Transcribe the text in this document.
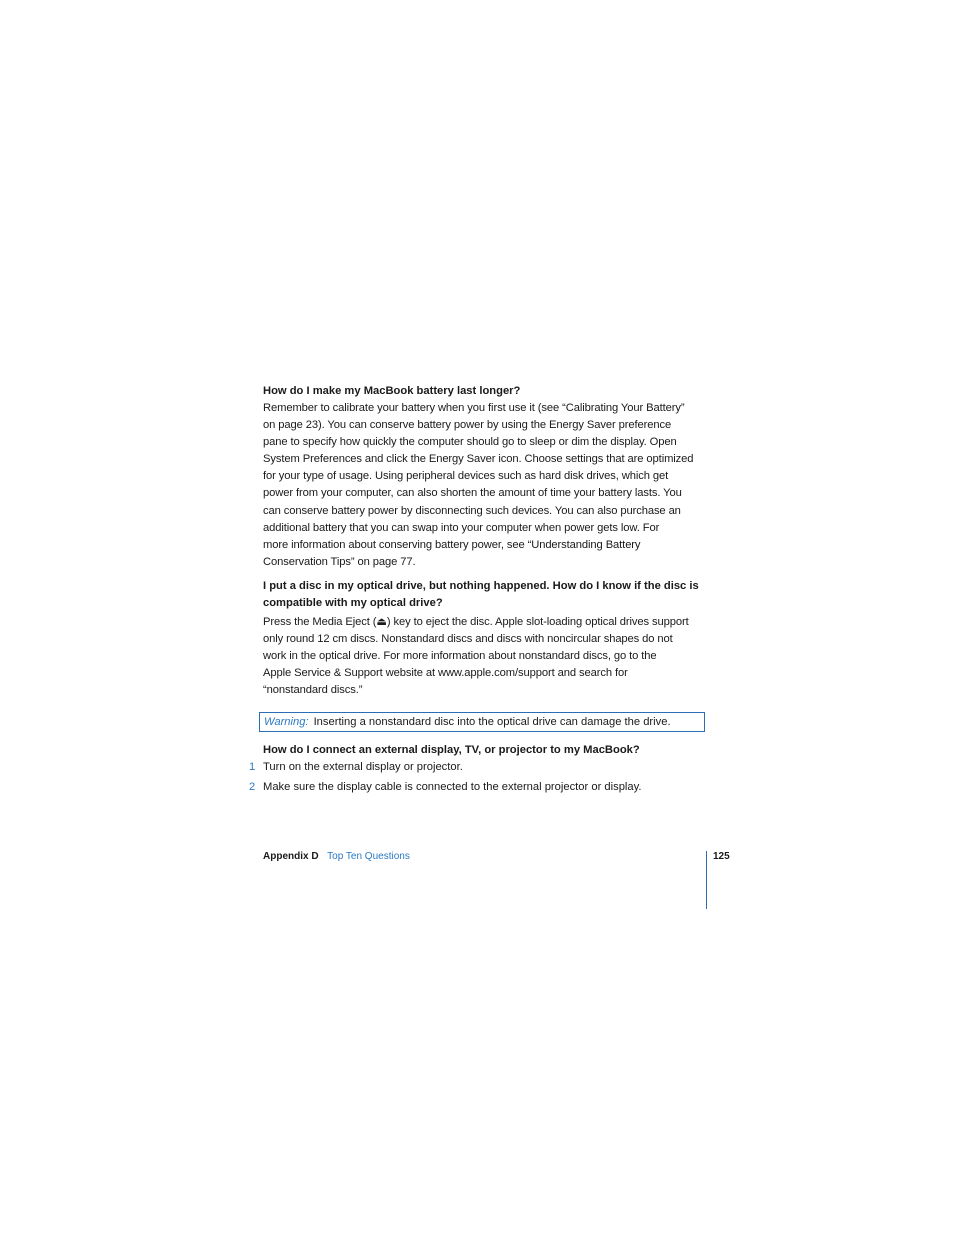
How do I make my MacBook battery last longer?
Remember to calibrate your battery when you first use it (see “Calibrating Your Battery”
on page 23). You can conserve battery power by using the Energy Saver preference
pane to specify how quickly the computer should go to sleep or dim the display. Open
System Preferences and click the Energy Saver icon. Choose settings that are optimized
for your type of usage. Using peripheral devices such as hard disk drives, which get
power from your computer, can also shorten the amount of time your battery lasts. You
can conserve battery power by disconnecting such devices. You can also purchase an
additional battery that you can swap into your computer when power gets low. For
more information about conserving battery power, see “Understanding Battery
Conservation Tips” on page 77.
I put a disc in my optical drive, but nothing happened. How do I know if the disc is
compatible with my optical drive?
Press the Media Eject (⏏) key to eject the disc. Apple slot-loading optical drives support
only round 12 cm discs. Nonstandard discs and discs with noncircular shapes do not
work in the optical drive. For more information about nonstandard discs, go to the
Apple Service & Support website at www.apple.com/support and search for
“nonstandard discs.”
Warning: Inserting a nonstandard disc into the optical drive can damage the drive.
How do I connect an external display, TV, or projector to my MacBook?
1 Turn on the external display or projector.
2 Make sure the display cable is connected to the external projector or display.
Appendix D Top Ten Questions	125
